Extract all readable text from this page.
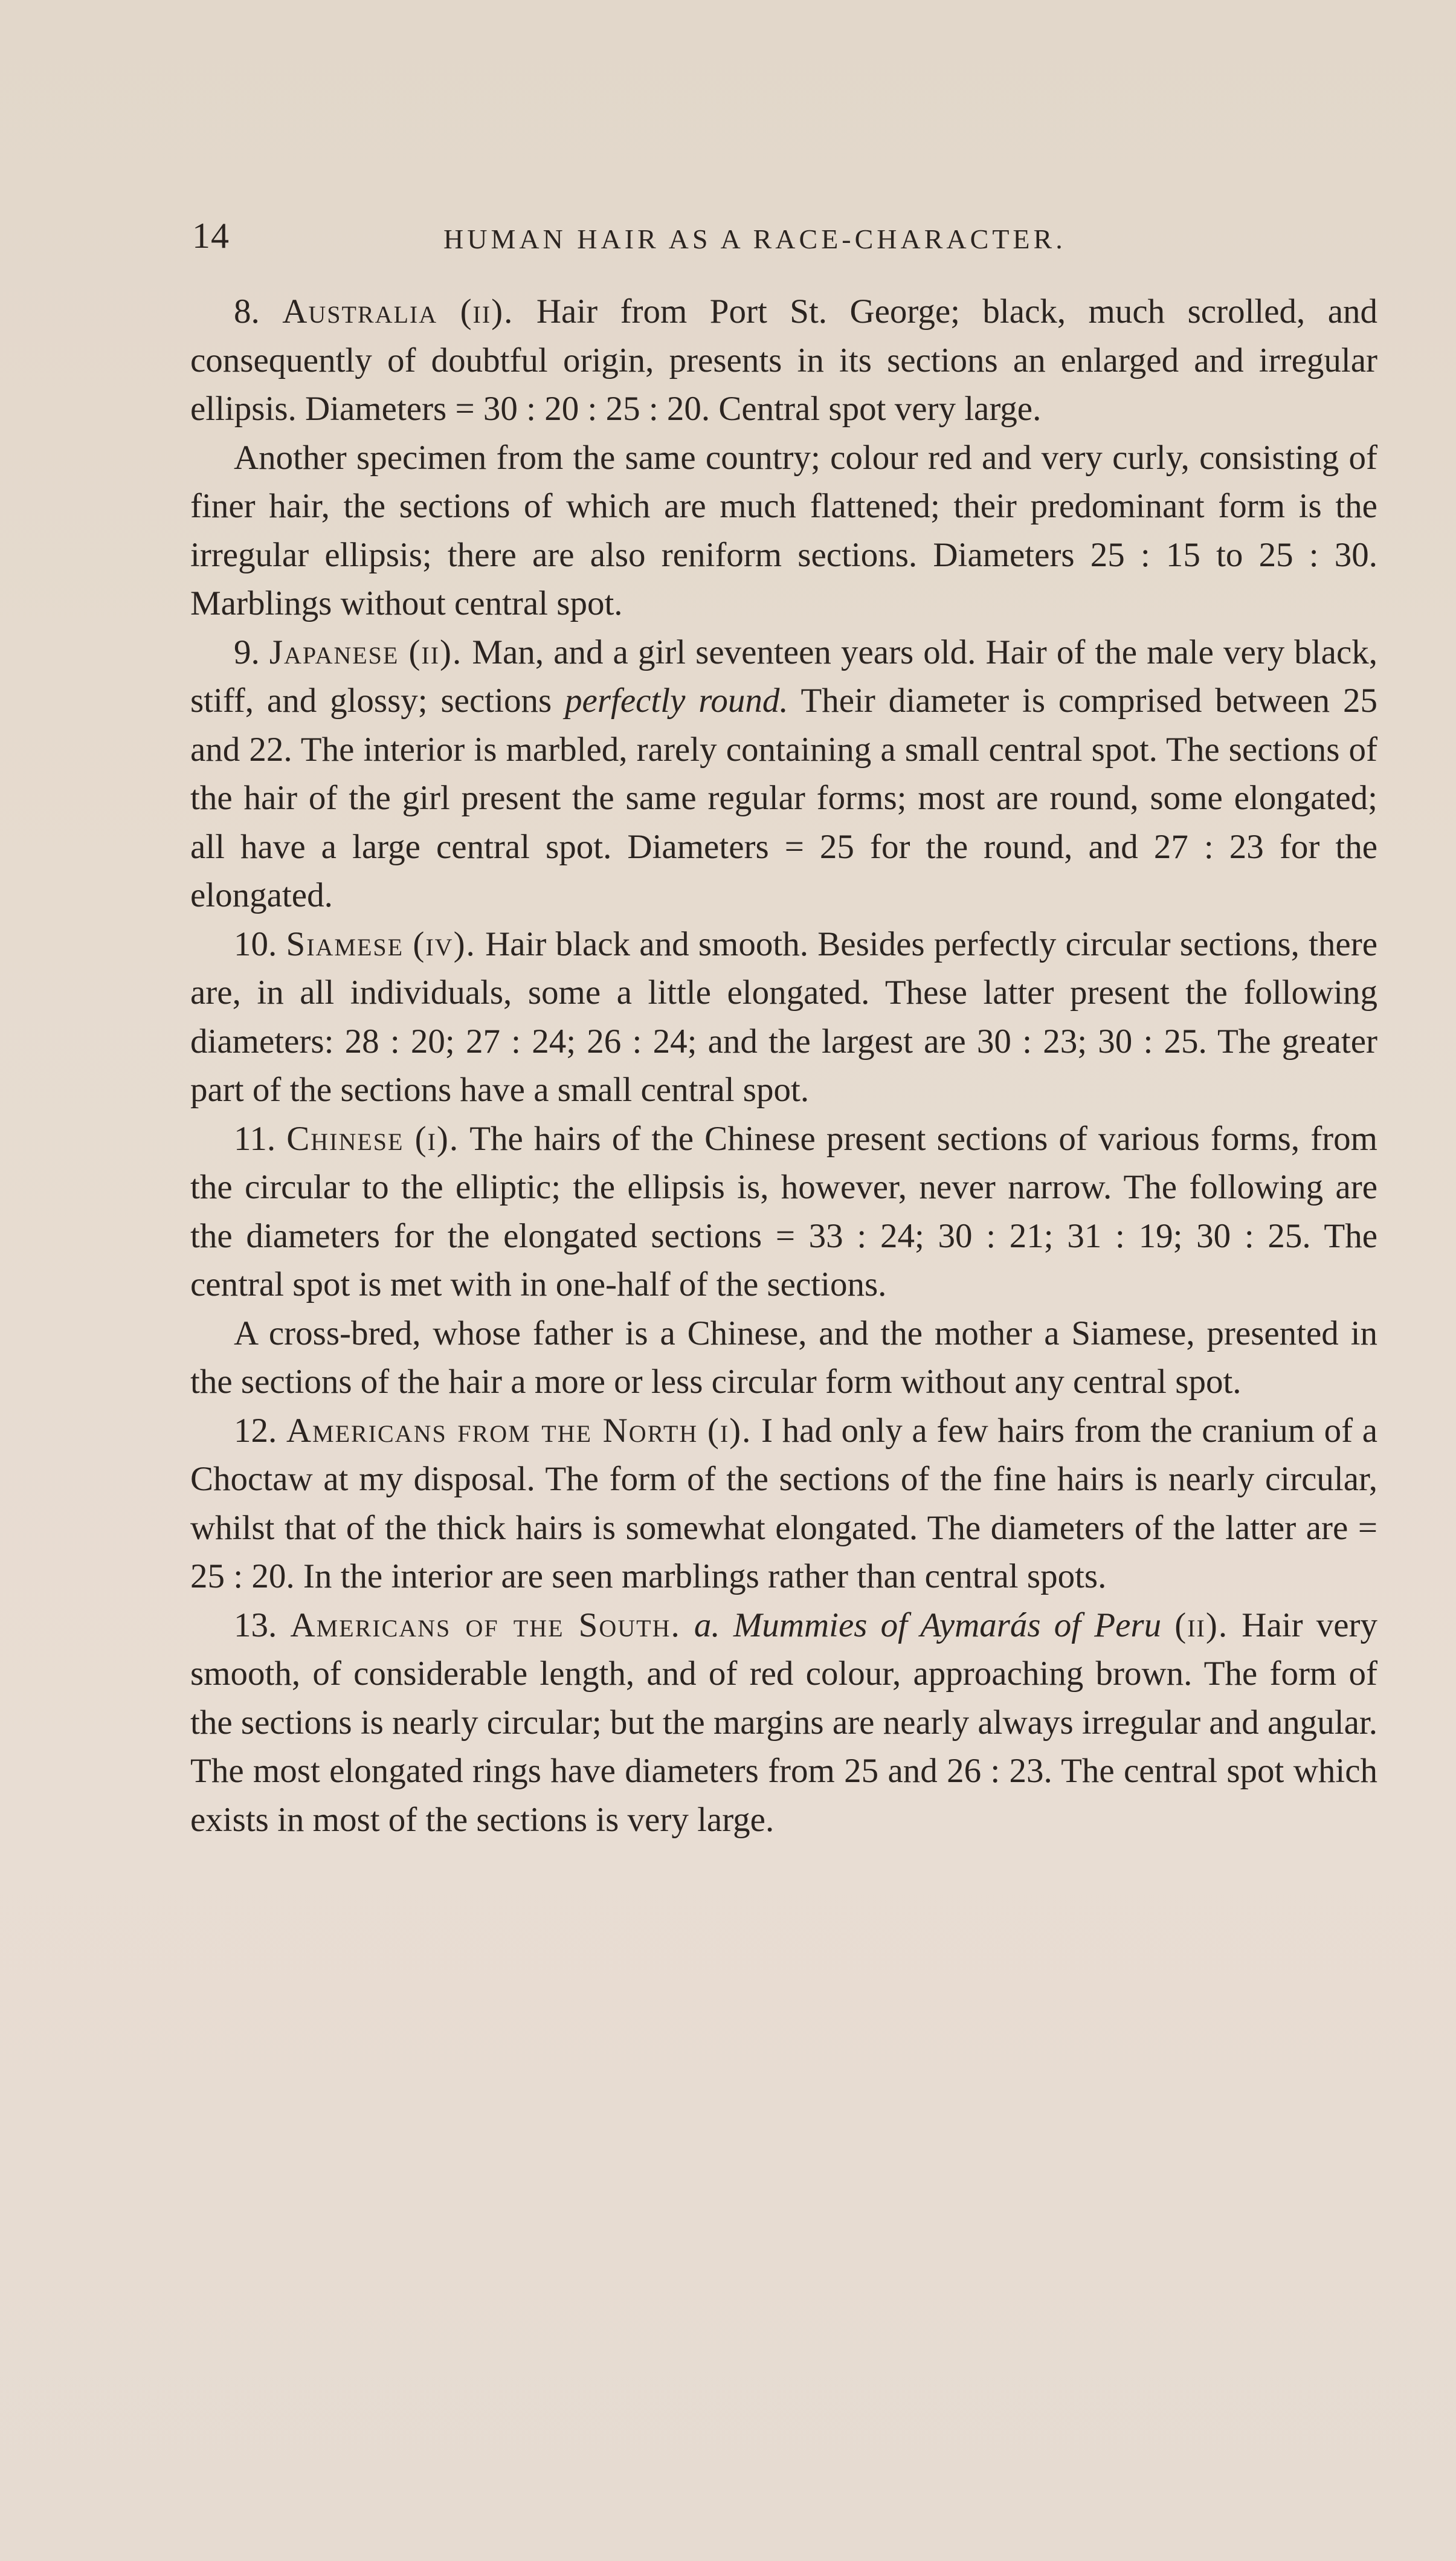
14	HUMAN HAIR AS A RACE-CHARACTER.

8. Australia (ii). Hair from Port St. George; black, much scrolled, and consequently of doubtful origin, presents in its sections an enlarged and irregular ellipsis. Diameters = 30 : 20 : 25 : 20. Central spot very large.

Another specimen from the same country; colour red and very curly, consisting of finer hair, the sections of which are much flattened; their predominant form is the irregular ellipsis; there are also reniform sections. Diameters 25 : 15 to 25 : 30. Marblings without central spot.

9. Japanese (ii). Man, and a girl seventeen years old. Hair of the male very black, stiff, and glossy; sections perfectly round. Their diameter is comprised between 25 and 22. The interior is marbled, rarely containing a small central spot. The sections of the hair of the girl present the same regular forms; most are round, some elongated; all have a large central spot. Diameters = 25 for the round, and 27 : 23 for the elongated.

10. Siamese (iv). Hair black and smooth. Besides perfectly circular sections, there are, in all individuals, some a little elongated. These latter present the following diameters: 28 : 20; 27 : 24; 26 : 24; and the largest are 30 : 23; 30 : 25. The greater part of the sections have a small central spot.

11. Chinese (i). The hairs of the Chinese present sections of various forms, from the circular to the elliptic; the ellipsis is, however, never narrow. The following are the diameters for the elongated sections = 33 : 24; 30 : 21; 31 : 19; 30 : 25. The central spot is met with in one-half of the sections.

A cross-bred, whose father is a Chinese, and the mother a Siamese, presented in the sections of the hair a more or less circular form without any central spot.

12. Americans from the North (i). I had only a few hairs from the cranium of a Choctaw at my disposal. The form of the sections of the fine hairs is nearly circular, whilst that of the thick hairs is somewhat elongated. The diameters of the latter are = 25 : 20. In the interior are seen marblings rather than central spots.

13. Americans of the South. a. Mummies of Aymarás of Peru (ii). Hair very smooth, of considerable length, and of red colour, approaching brown. The form of the sections is nearly circular; but the margins are nearly always irregular and angular. The most elongated rings have diameters from 25 and 26 : 23. The central spot which exists in most of the sections is very large.
